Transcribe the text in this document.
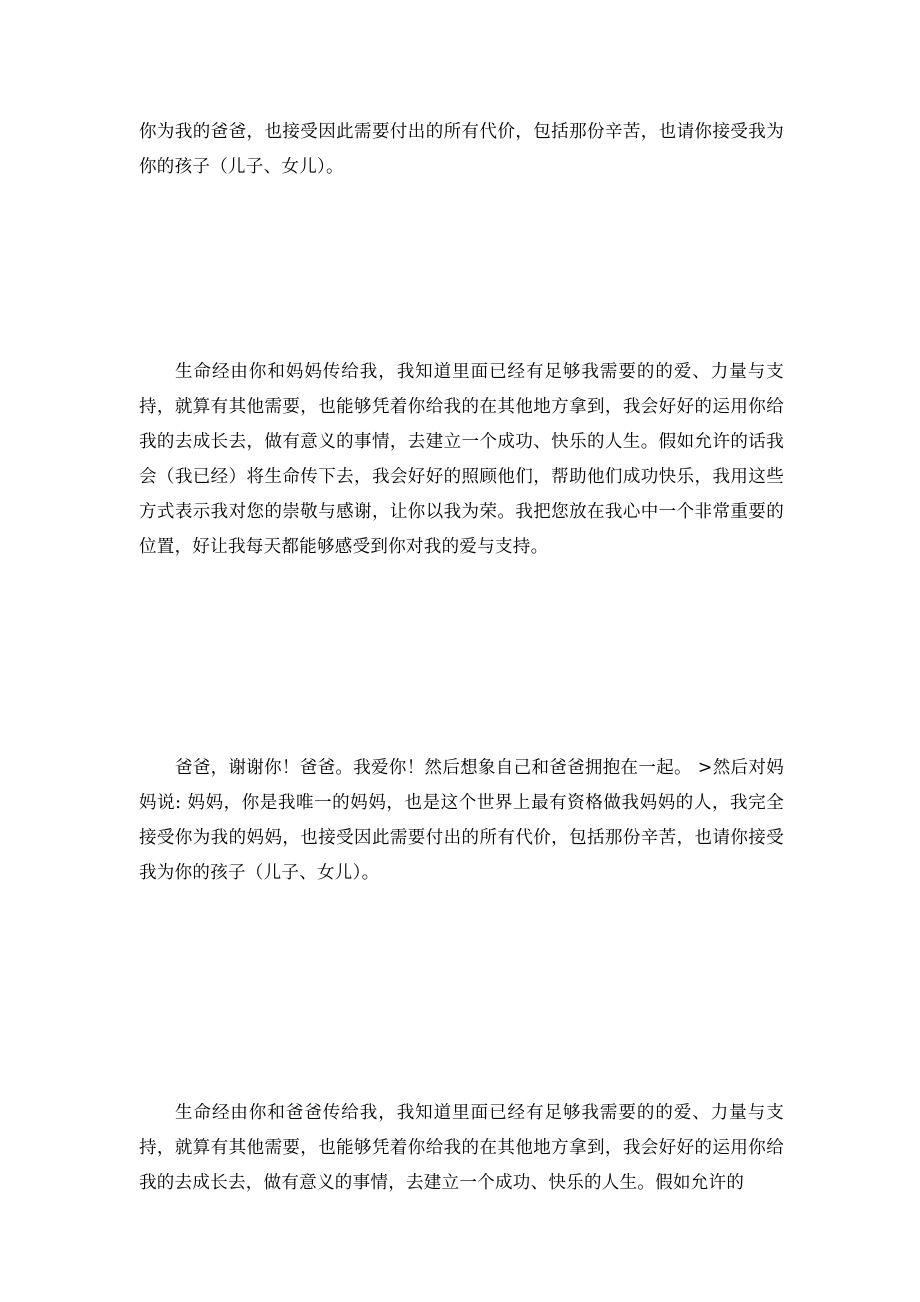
你为我的爸爸，也接受因此需要付出的所有代价，包括那份辛苦，也请你接受我为你的孩子（儿子、女儿）。

生命经由你和妈妈传给我，我知道里面已经有足够我需要的的爱、力量与支持，就算有其他需要，也能够凭着你给我的在其他地方拿到，我会好好的运用你给我的去成长去，做有意义的事情，去建立一个成功、快乐的人生。假如允许的话我会（我已经）将生命传下去，我会好好的照顾他们，帮助他们成功快乐，我用这些方式表示我对您的崇敬与感谢，让你以我为荣。我把您放在我心中一个非常重要的位置，好让我每天都能够感受到你对我的爱与支持。

爸爸，谢谢你！爸爸。我爱你！然后想象自己和爸爸拥抱在一起。 >然后对妈妈说: 妈妈，你是我唯一的妈妈，也是这个世界上最有资格做我妈妈的人，我完全接受你为我的妈妈，也接受因此需要付出的所有代价，包括那份辛苦，也请你接受我为你的孩子（儿子、女儿）。

生命经由你和爸爸传给我，我知道里面已经有足够我需要的的爱、力量与支持，就算有其他需要，也能够凭着你给我的在其他地方拿到，我会好好的运用你给我的去成长去，做有意义的事情，去建立一个成功、快乐的人生。假如允许的
